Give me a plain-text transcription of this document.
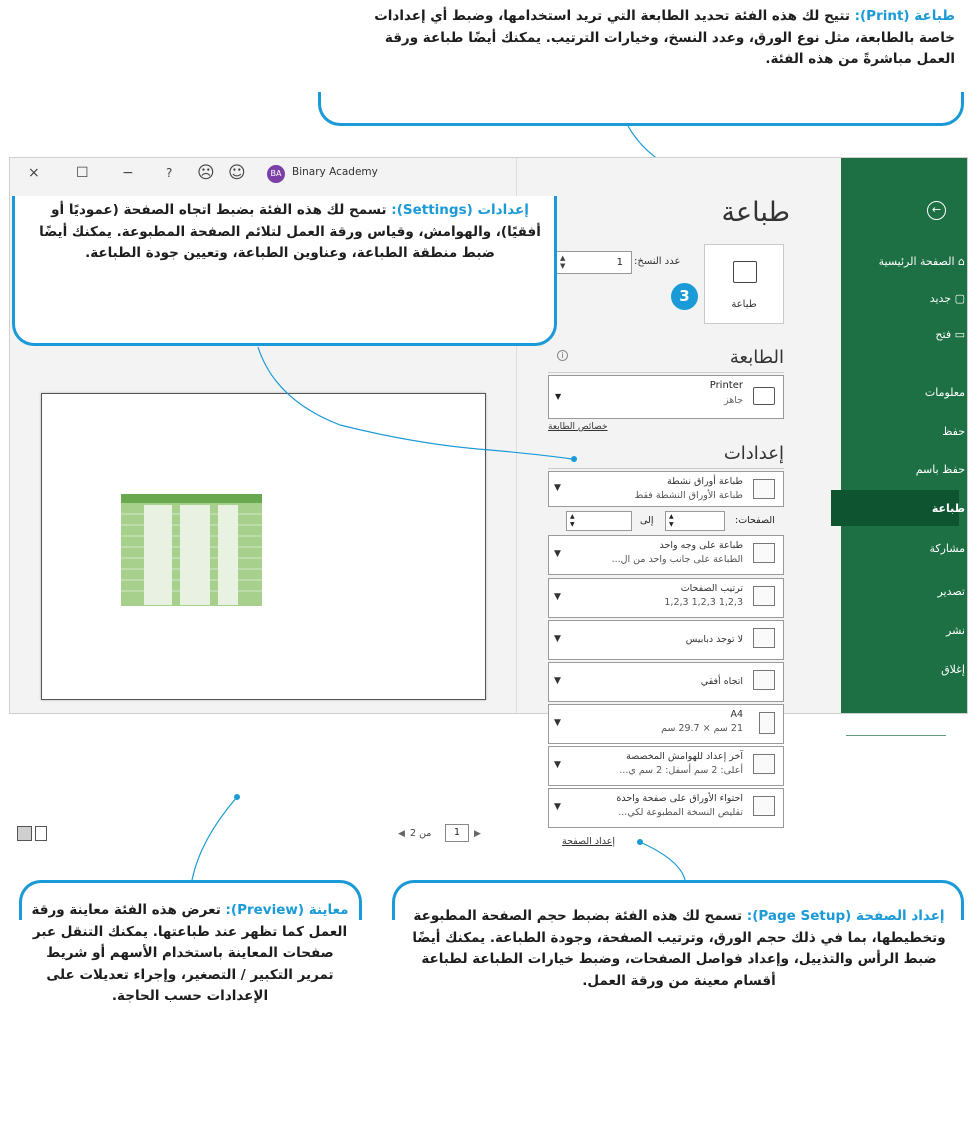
طباعة (Print): تتيح لك هذه الفئة تحديد الطابعة التي تريد استخدامها، وضبط أي إعدادات خاصة بالطابعة، مثل نوع الورق، وعدد النسخ، وخيارات الترتيب. يمكنك أيضًا طباعة ورقة العمل مباشرةً من هذه الفئة.
×	☐ −	? ☹ ☺	BA	Binary Academy
←
⌂ الصفحة الرئيسية
▢ جديد
▭ فتح
معلومات
حفظ
حفظ باسم
طباعة
مشاركة
تصدير
نشر
إغلاق
حساب
ملاحظات
خيارات
طباعة
طباعة
3
عدد النسخ:
▲
▼	1
i	الطابعة
Printer
جاهز
▼
خصائص الطابعة
إعدادات
طباعة أوراق نشطة
طباعة الأوراق النشطة فقط
▼
الصفحات:
▲
▼
إلى
▲
▼
طباعة على وجه واحد
الطباعة على جانب واحد من ال...
▼
ترتيب الصفحات
1,2,3 1,2,3 1,2,3
▼
لا توجد دبابيس
▼
اتجاه أفقي
▼
A4
21 سم × 29.7 سم
▼
آخر إعداد للهوامش المخصصة
أعلى: 2 سم أسفل: 2 سم ي...
▼
احتواء الأوراق على صفحة واحدة
تقليص النسخة المطبوعة لكي...
▼
إعداد الصفحة
◀ من 2	1	▶
إعدادات (Settings): تسمح لك هذه الفئة بضبط اتجاه الصفحة (عموديًا أو أفقيًا)، والهوامش، وقياس ورقة العمل لتلائم الصفحة المطبوعة. يمكنك أيضًا ضبط منطقة الطباعة، وعناوين الطباعة، وتعيين جودة الطباعة.
معاينة (Preview): تعرض هذه الفئة معاينة ورقة العمل كما تظهر عند طباعتها. يمكنك التنقل عبر صفحات المعاينة باستخدام الأسهم أو شريط تمرير التكبير / التصغير، وإجراء تعديلات على الإعدادات حسب الحاجة.
إعداد الصفحة (Page Setup): تسمح لك هذه الفئة بضبط حجم الصفحة المطبوعة وتخطيطها، بما في ذلك حجم الورق، وترتيب الصفحة، وجودة الطباعة. يمكنك أيضًا ضبط الرأس والتذييل، وإعداد فواصل الصفحات، وضبط خيارات الطباعة لطباعة أقسام معينة من ورقة العمل.
